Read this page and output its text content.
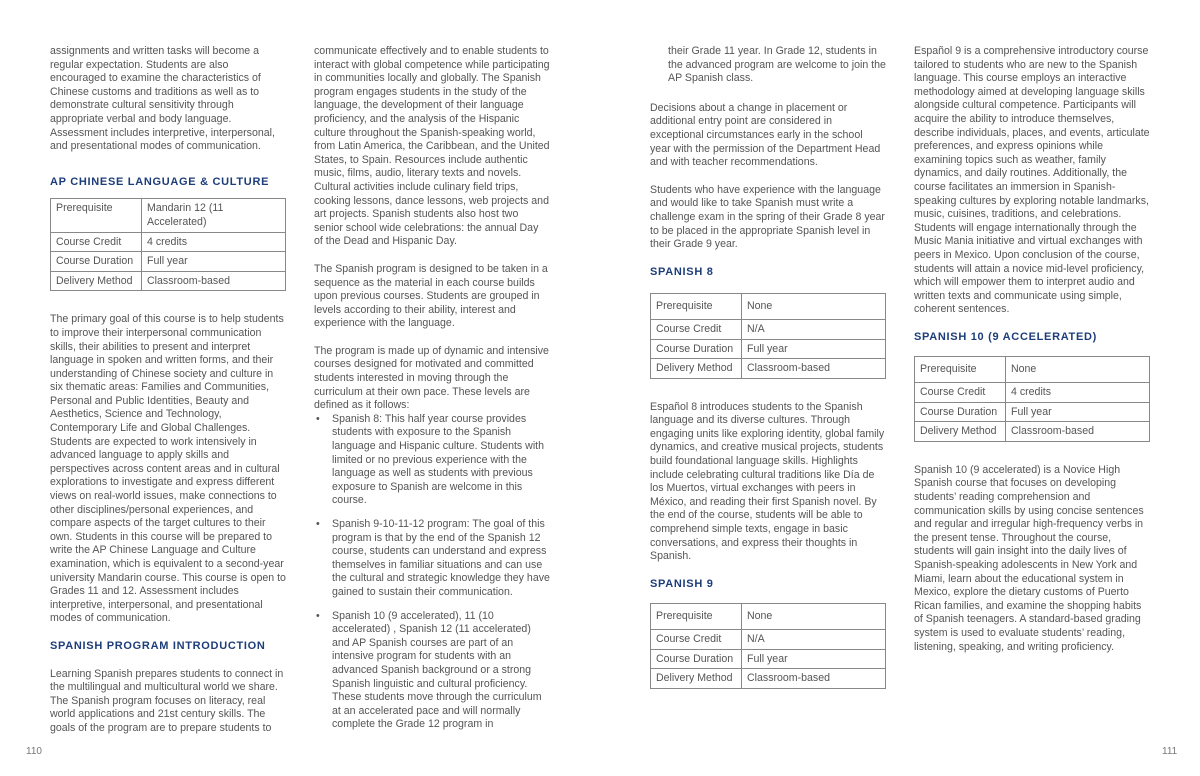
assignments and written tasks will become a regular expectation. Students are also encouraged to examine the characteristics of Chinese customs and traditions as well as to demonstrate cultural sensitivity through appropriate verbal and body language. Assessment includes interpretive, interpersonal, and presentational modes of communication.

AP CHINESE LANGUAGE & CULTURE
Prerequisite	Mandarin 12 (11 Accelerated)
Course Credit	4 credits
Course Duration	Full year
Delivery Method	Classroom-based

The primary goal of this course is to help students to improve their interpersonal communication skills, their abilities to present and interpret language in spoken and written forms, and their understanding of Chinese society and culture in six thematic areas: Families and Communities, Personal and Public Identities, Beauty and Aesthetics, Science and Technology, Contemporary Life and Global Challenges. Students are expected to work intensively in advanced language to apply skills and perspectives across content areas and in cultural explorations to investigate and express different views on real-world issues, make connections to other disciplines/personal experiences, and compare aspects of the target cultures to their own. Students in this course will be prepared to write the AP Chinese Language and Culture examination, which is equivalent to a second-year university Mandarin course. This course is open to Grades 11 and 12. Assessment includes interpretive, interpersonal, and presentational modes of communication.

SPANISH PROGRAM INTRODUCTION

Learning Spanish prepares students to connect in the multilingual and multicultural world we share. The Spanish program focuses on literacy, real world applications and 21st century skills. The goals of the program are to prepare students to

communicate effectively and to enable students to interact with global competence while participating in communities locally and globally. The Spanish program engages students in the study of the language, the development of their language proficiency, and the analysis of the Hispanic culture throughout the Spanish-speaking world, from Latin America, the Caribbean, and the United States, to Spain. Resources include authentic music, films, audio, literary texts and novels. Cultural activities include culinary field trips, cooking lessons, dance lessons, web projects and art projects. Spanish students also host two senior school wide celebrations: the annual Day of the Dead and Hispanic Day.

The Spanish program is designed to be taken in a sequence as the material in each course builds upon previous courses. Students are grouped in levels according to their ability, interest and experience with the language.

The program is made up of dynamic and intensive courses designed for motivated and committed students interested in moving through the curriculum at their own pace. These levels are defined as it follows:

• Spanish 8: This half year course provides students with exposure to the Spanish language and Hispanic culture. Students with limited or no previous experience with the language as well as students with previous exposure to Spanish are welcome in this course.
• Spanish 9-10-11-12 program: The goal of this program is that by the end of the Spanish 12 course, students can understand and express themselves in familiar situations and can use the cultural and strategic knowledge they have gained to sustain their communication.
• Spanish 10 (9 accelerated), 11 (10 accelerated) , Spanish 12 (11 accelerated) and AP Spanish courses are part of an intensive program for students with an advanced Spanish background or a strong Spanish linguistic and cultural proficiency. These students move through the curriculum at an accelerated pace and will normally complete the Grade 12 program in

their Grade 11 year. In Grade 12, students in the advanced program are welcome to join the AP Spanish class.

Decisions about a change in placement or additional entry point are considered in exceptional circumstances early in the school year with the permission of the Department Head and with teacher recommendations.

Students who have experience with the language and would like to take Spanish must write a challenge exam in the spring of their Grade 8 year to be placed in the appropriate Spanish level in their Grade 9 year.

SPANISH 8
Prerequisite	None
Course Credit	N/A
Course Duration	Full year
Delivery Method	Classroom-based

Español 8 introduces students to the Spanish language and its diverse cultures. Through engaging units like exploring identity, global family dynamics, and creative musical projects, students build foundational language skills. Highlights include celebrating cultural traditions like Día de los Muertos, virtual exchanges with peers in México, and reading their first Spanish novel. By the end of the course, students will be able to comprehend simple texts, engage in basic conversations, and express their thoughts in Spanish.

SPANISH 9
Prerequisite	None
Course Credit	N/A
Course Duration	Full year
Delivery Method	Classroom-based

Español 9 is a comprehensive introductory course tailored to students who are new to the Spanish language. This course employs an interactive methodology aimed at developing language skills alongside cultural competence. Participants will acquire the ability to introduce themselves, describe individuals, places, and events, articulate preferences, and express opinions while examining topics such as weather, family dynamics, and daily routines. Additionally, the course facilitates an immersion in Spanish-speaking cultures by exploring notable landmarks, music, cuisines, traditions, and celebrations. Students will engage internationally through the Music Mania initiative and virtual exchanges with peers in Mexico. Upon conclusion of the course, students will attain a novice mid-level proficiency, which will empower them to interpret audio and written texts and communicate using simple, coherent sentences.

SPANISH 10 (9 ACCELERATED)
Prerequisite	None
Course Credit	4 credits
Course Duration	Full year
Delivery Method	Classroom-based

Spanish 10 (9 accelerated) is a Novice High Spanish course that focuses on developing students’ reading comprehension and communication skills by using concise sentences and regular and irregular high-frequency verbs in the present tense. Throughout the course, students will gain insight into the daily lives of Spanish-speaking adolescents in New York and Miami, learn about the educational system in Mexico, explore the dietary customs of Puerto Rican families, and examine the shopping habits of Spanish teenagers. A standard-based grading system is used to evaluate students’ reading, listening, speaking, and writing proficiency.

110	111
